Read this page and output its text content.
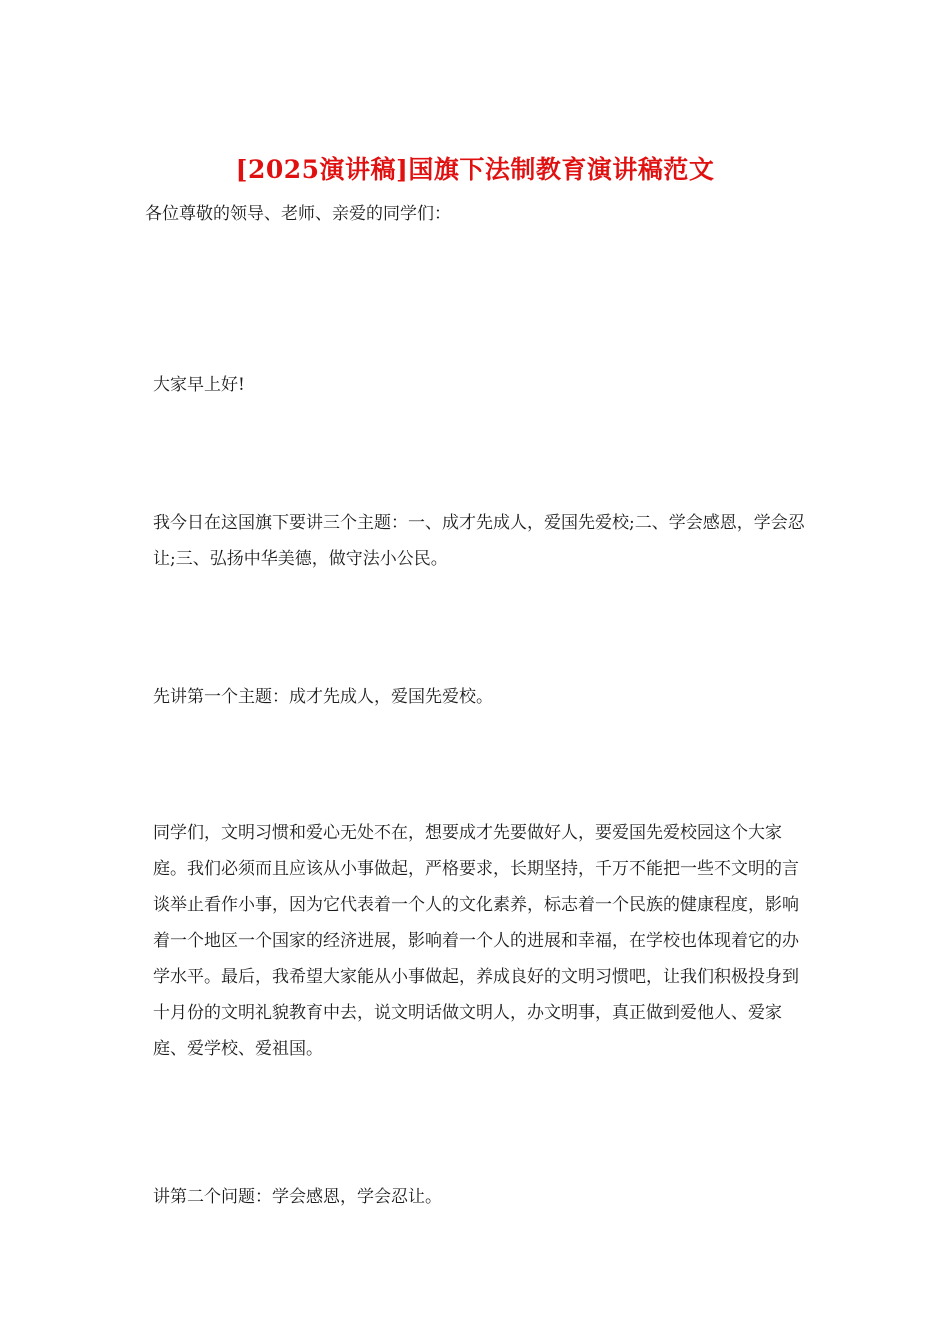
[2025演讲稿]国旗下法制教育演讲稿范文

各位尊敬的领导、老师、亲爱的同学们：

大家早上好!

我今日在这国旗下要讲三个主题：一、成才先成人，爱国先爱校;二、学会感恩，学会忍让;三、弘扬中华美德，做守法小公民。

先讲第一个主题：成才先成人，爱国先爱校。

同学们，文明习惯和爱心无处不在，想要成才先要做好人，要爱国先爱校园这个大家庭。我们必须而且应该从小事做起，严格要求，长期坚持，千万不能把一些不文明的言谈举止看作小事，因为它代表着一个人的文化素养，标志着一个民族的健康程度，影响着一个地区一个国家的经济进展，影响着一个人的进展和幸福，在学校也体现着它的办学水平。最后，我希望大家能从小事做起，养成良好的文明习惯吧，让我们积极投身到十月份的文明礼貌教育中去，说文明话做文明人，办文明事，真正做到爱他人、爱家庭、爱学校、爱祖国。

讲第二个问题：学会感恩，学会忍让。
